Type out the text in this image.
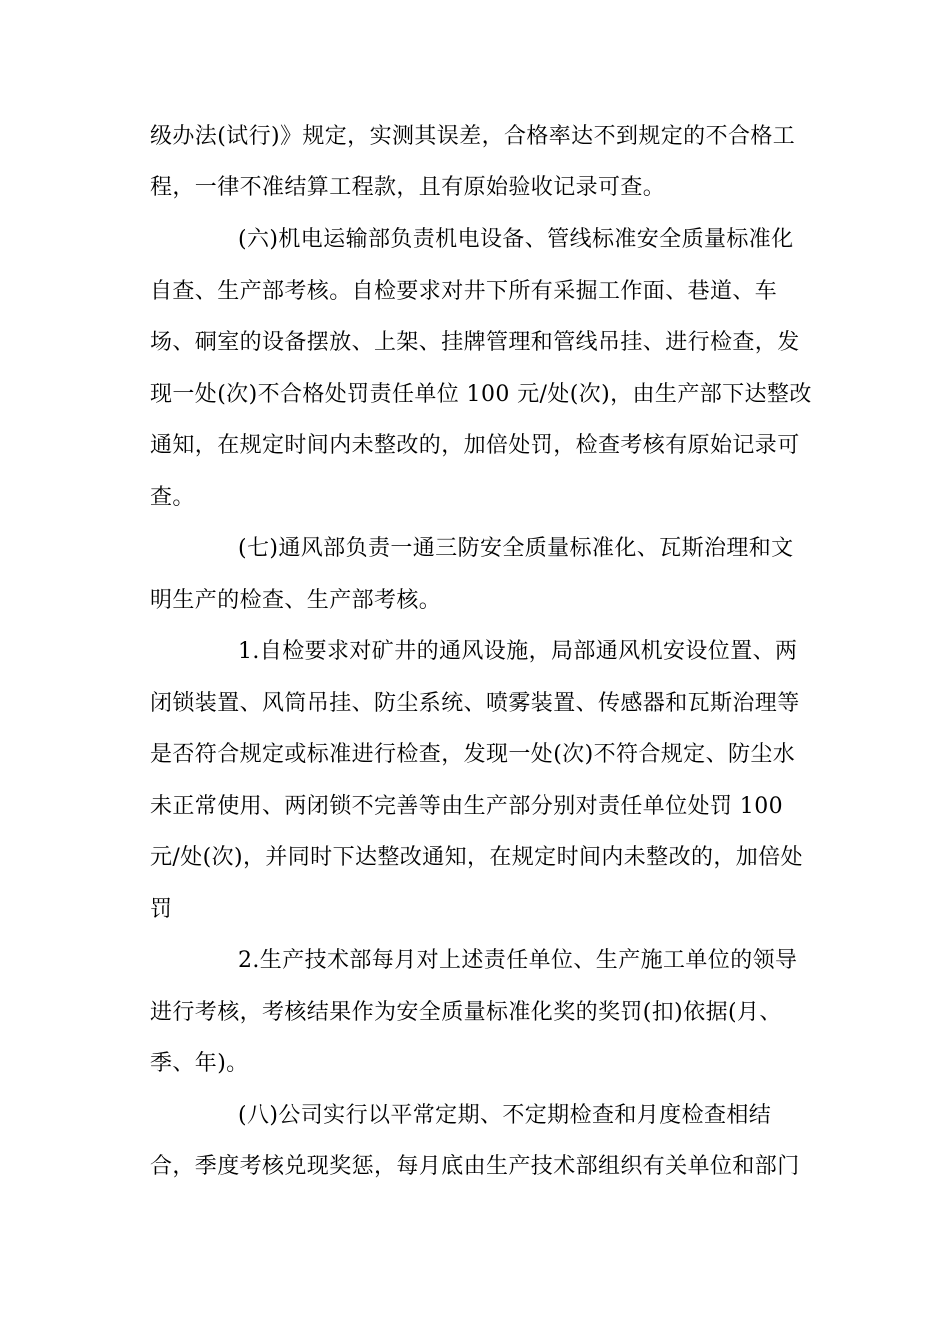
级办法(试行)》规定，实测其误差，合格率达不到规定的不合格工
程，一律不准结算工程款，且有原始验收记录可查。
(六)机电运输部负责机电设备、管线标准安全质量标准化
自查、生产部考核。自检要求对井下所有采掘工作面、巷道、车
场、硐室的设备摆放、上架、挂牌管理和管线吊挂、进行检查，发
现一处(次)不合格处罚责任单位 100 元/处(次)，由生产部下达整改
通知，在规定时间内未整改的，加倍处罚，检查考核有原始记录可
查。
(七)通风部负责一通三防安全质量标准化、瓦斯治理和文
明生产的检查、生产部考核。
1.自检要求对矿井的通风设施，局部通风机安设位置、两
闭锁装置、风筒吊挂、防尘系统、喷雾装置、传感器和瓦斯治理等
是否符合规定或标准进行检查，发现一处(次)不符合规定、防尘水
未正常使用、两闭锁不完善等由生产部分别对责任单位处罚 100
元/处(次)，并同时下达整改通知，在规定时间内未整改的，加倍处
罚
2.生产技术部每月对上述责任单位、生产施工单位的领导
进行考核，考核结果作为安全质量标准化奖的奖罚(扣)依据(月、
季、年)。
(八)公司实行以平常定期、不定期检查和月度检查相结
合，季度考核兑现奖惩，每月底由生产技术部组织有关单位和部门
